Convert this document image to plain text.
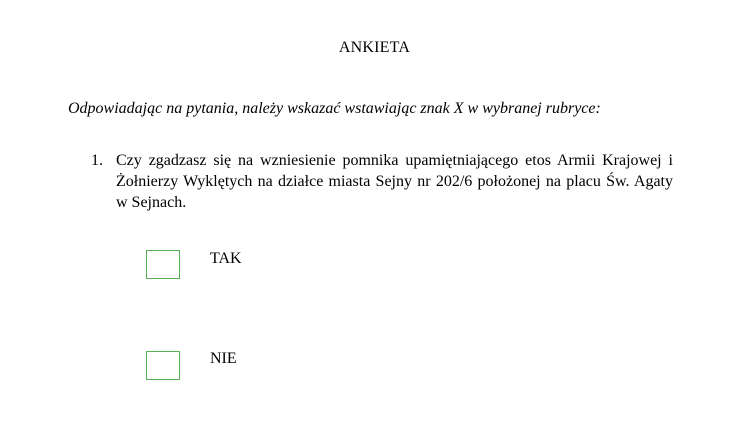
ANKIETA
Odpowiadając na pytania, należy wskazać wstawiając znak X w wybranej rubryce:
1. Czy zgadzasz się na wzniesienie pomnika upamiętniającego etos Armii Krajowej i Żołnierzy Wyklętych na działce miasta Sejny nr 202/6 położonej na placu Św. Agaty w Sejnach.
TAK
NIE
